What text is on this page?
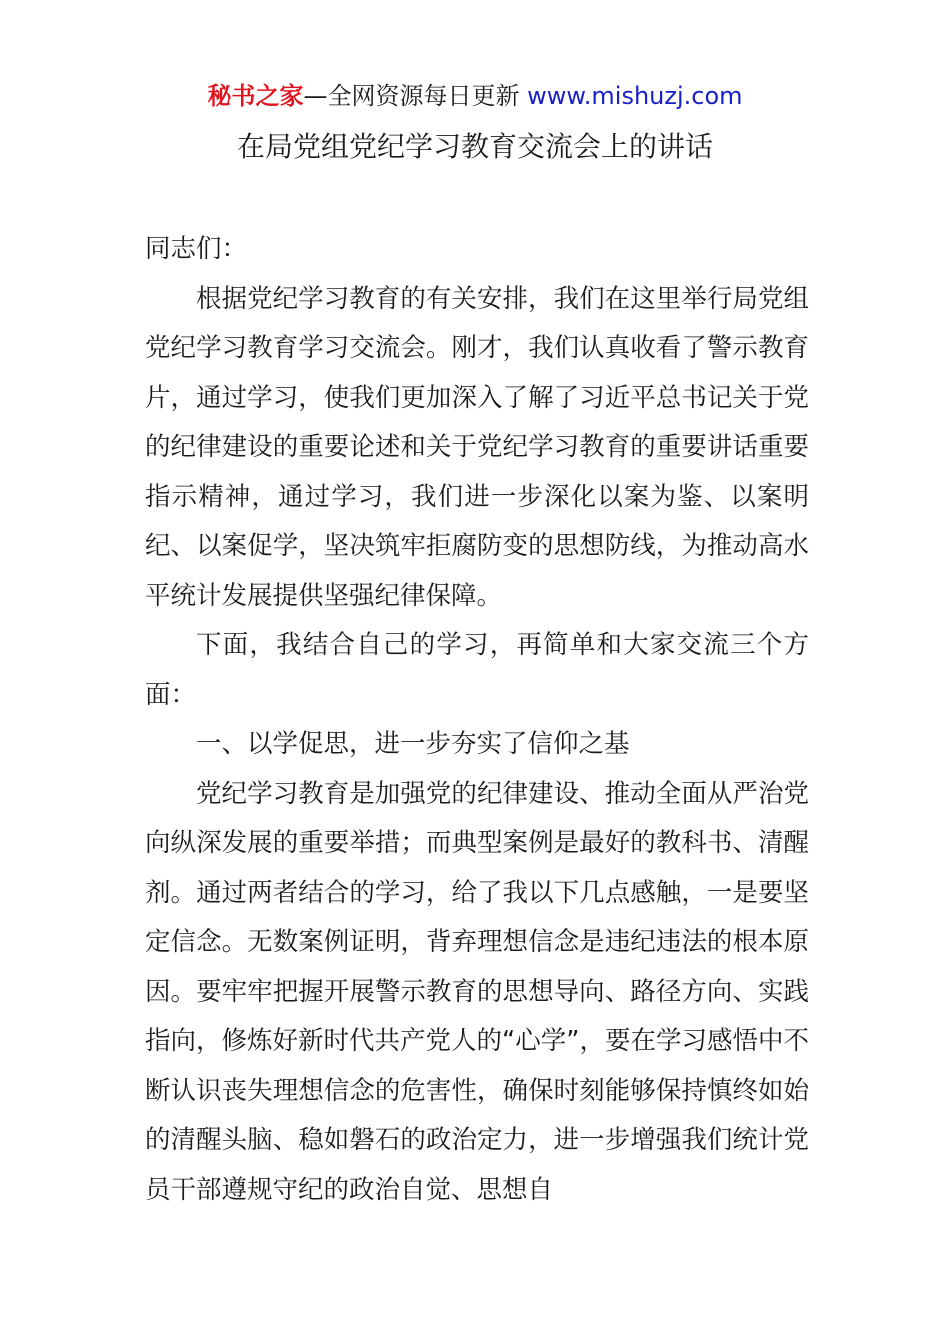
秘书之家—全网资源每日更新 www.mishuzj.com
在局党组党纪学习教育交流会上的讲话

同志们：

根据党纪学习教育的有关安排，我们在这里举行局党组党纪学习教育学习交流会。刚才，我们认真收看了警示教育片，通过学习，使我们更加深入了解了习近平总书记关于党的纪律建设的重要论述和关于党纪学习教育的重要讲话重要指示精神，通过学习，我们进一步深化以案为鉴、以案明纪、以案促学，坚决筑牢拒腐防变的思想防线，为推动高水平统计发展提供坚强纪律保障。

下面，我结合自己的学习，再简单和大家交流三个方面：

一、以学促思，进一步夯实了信仰之基

党纪学习教育是加强党的纪律建设、推动全面从严治党向纵深发展的重要举措；而典型案例是最好的教科书、清醒剂。通过两者结合的学习，给了我以下几点感触，一是要坚定信念。无数案例证明，背弃理想信念是违纪违法的根本原因。要牢牢把握开展警示教育的思想导向、路径方向、实践指向，修炼好新时代共产党人的“心学”，要在学习感悟中不断认识丧失理想信念的危害性，确保时刻能够保持慎终如始的清醒头脑、稳如磐石的政治定力，进一步增强我们统计党员干部遵规守纪的政治自觉、思想自
